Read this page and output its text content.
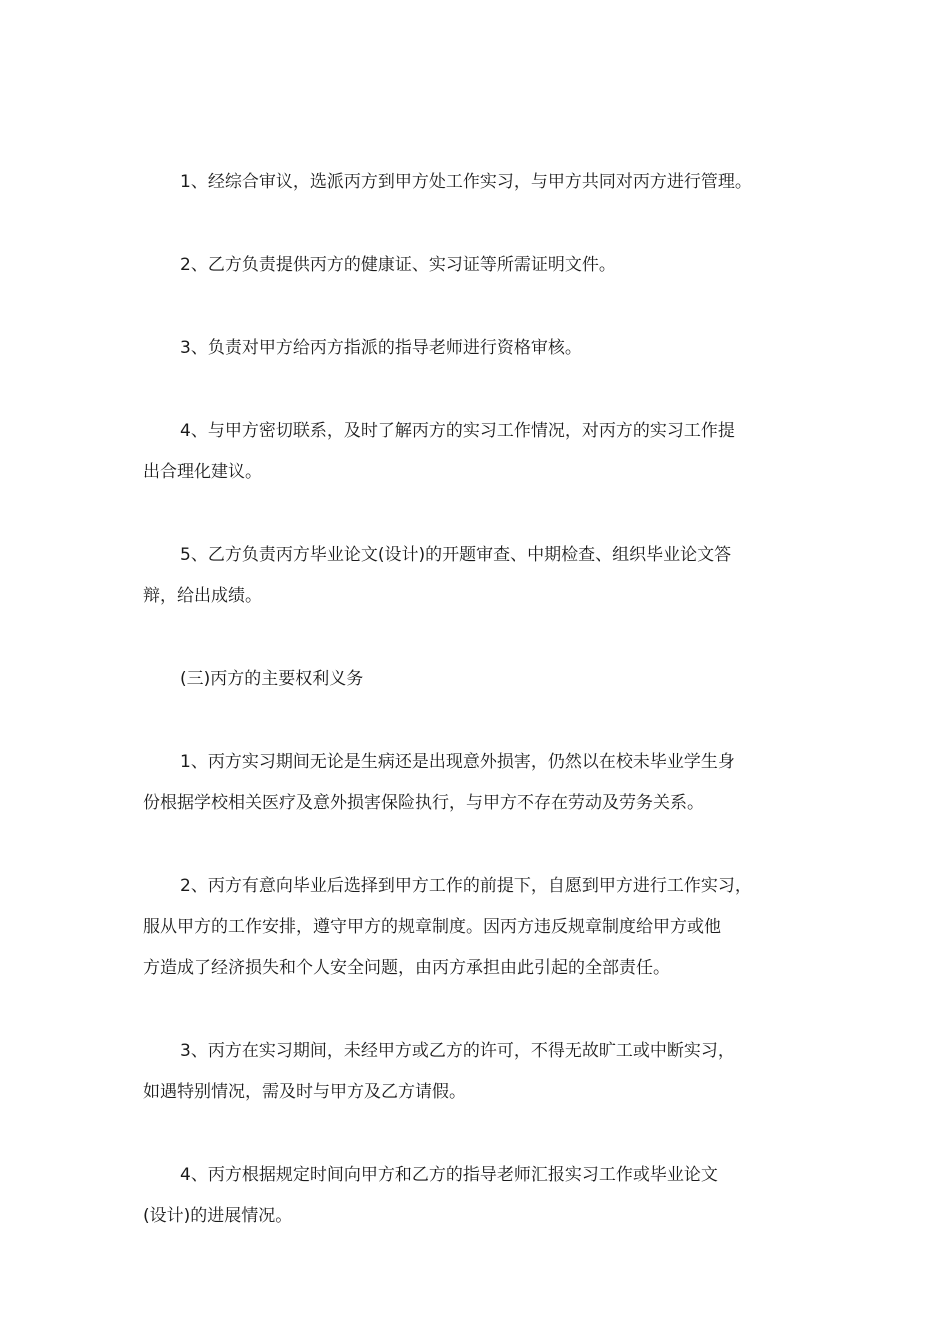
1、经综合审议，选派丙方到甲方处工作实习，与甲方共同对丙方进行管理。

2、乙方负责提供丙方的健康证、实习证等所需证明文件。

3、负责对甲方给丙方指派的指导老师进行资格审核。

4、与甲方密切联系，及时了解丙方的实习工作情况，对丙方的实习工作提
出合理化建议。

5、乙方负责丙方毕业论文(设计)的开题审查、中期检查、组织毕业论文答
辩，给出成绩。

(三)丙方的主要权利义务

1、丙方实习期间无论是生病还是出现意外损害，仍然以在校未毕业学生身
份根据学校相关医疗及意外损害保险执行，与甲方不存在劳动及劳务关系。

2、丙方有意向毕业后选择到甲方工作的前提下，自愿到甲方进行工作实习，
服从甲方的工作安排，遵守甲方的规章制度。因丙方违反规章制度给甲方或他
方造成了经济损失和个人安全问题，由丙方承担由此引起的全部责任。

3、丙方在实习期间，未经甲方或乙方的许可，不得无故旷工或中断实习，
如遇特别情况，需及时与甲方及乙方请假。

4、丙方根据规定时间向甲方和乙方的指导老师汇报实习工作或毕业论文
(设计)的进展情况。
